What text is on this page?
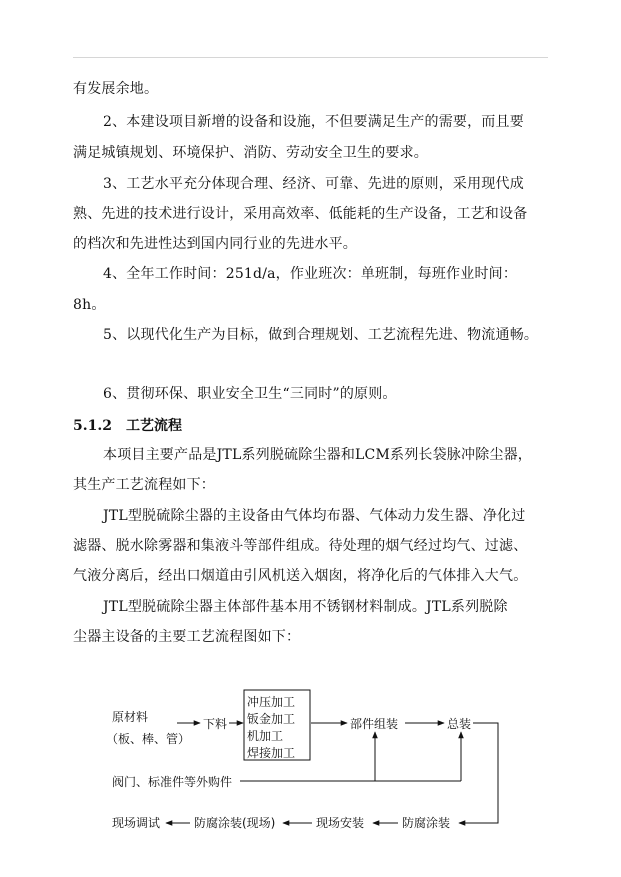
有发展余地。
2、本建设项目新增的设备和设施，不但要满足生产的需要，而且要
满足城镇规划、环境保护、消防、劳动安全卫生的要求。
3、工艺水平充分体现合理、经济、可靠、先进的原则，采用现代成
熟、先进的技术进行设计，采用高效率、低能耗的生产设备，工艺和设备
的档次和先进性达到国内同行业的先进水平。
4、全年工作时间：251d/a，作业班次：单班制，每班作业时间：
8h。
5、以现代化生产为目标，做到合理规划、工艺流程先进、物流通畅。
6、贯彻环保、职业安全卫生“三同时”的原则。
5.1.2 工艺流程
本项目主要产品是JTL系列脱硫除尘器和LCM系列长袋脉冲除尘器，
其生产工艺流程如下：
JTL型脱硫除尘器的主设备由气体均布器、气体动力发生器、净化过
滤器、脱水除雾器和集液斗等部件组成。待处理的烟气经过均气、过滤、
气液分离后，经出口烟道由引风机送入烟囱，将净化后的气体排入大气。
JTL型脱硫除尘器主体部件基本用不锈钢材料制成。JTL系列脱除
尘器主设备的主要工艺流程图如下：
原材料
（板、棒、管）
下料
冲压加工
钣金加工
机加工
焊接加工
部件组装	总装
阀门、标准件等外购件
防腐涂装
现场安装
防腐涂装(现场)
现场调试
